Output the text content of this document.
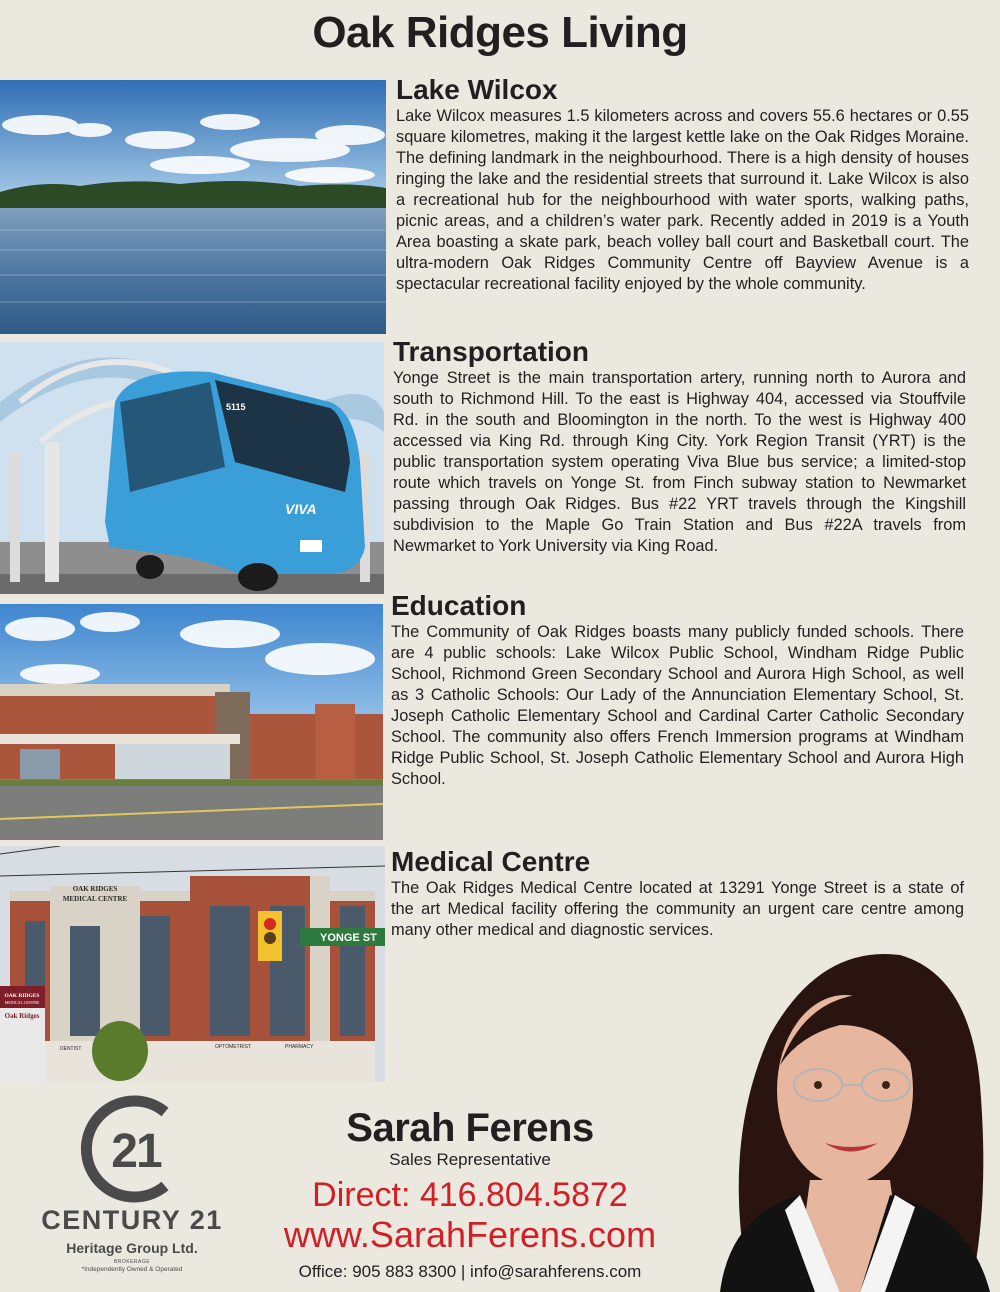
Oak Ridges Living
5115
VIVA
OAK RIDGES
MEDICAL CENTRE
DENTIST	OPTOMETRIST	PHARMACY
YONGE ST
OAK RIDGES
MEDICAL CENTRE
Oak Ridges
Lake Wilcox

Lake Wilcox measures 1.5 kilometers across and covers 55.6 hectares or 0.55 square kilometres, making it the largest kettle lake on the Oak Ridges Moraine. The defining landmark in the neighbourhood. There is a high density of houses ringing the lake and the residential streets that surround it. Lake Wilcox is also a recreational hub for the neighbourhood with water sports, walking paths, picnic areas, and a children’s water park. Recently added in 2019 is a Youth Area boasting a skate park, beach volley ball court and Basketball court. The ultra-modern Oak Ridges Community Centre off Bayview Avenue is a spectacular recreational facility enjoyed by the whole community.

Transportation

Yonge Street is the main transportation artery, running north to Aurora and south to Richmond Hill. To the east is Highway 404, accessed via Stouffvile Rd. in the south and Bloomington in the north. To the west is Highway 400 accessed via King Rd. through King City. York Region Transit (YRT) is the public transportation system operating Viva Blue bus service; a limited-stop route which travels on Yonge St. from Finch subway station to Newmarket passing through Oak Ridges. Bus #22 YRT travels through the Kingshill subdivision to the Maple Go Train Station and Bus #22A travels from Newmarket to York University via King Road.

Education

The Community of Oak Ridges boasts many publicly funded schools. There are 4 public schools: Lake Wilcox Public School, Windham Ridge Public School, Richmond Green Secondary School and Aurora High School, as well as 3 Catholic Schools: Our Lady of the Annunciation Elementary School, St. Joseph Catholic Elementary School and Cardinal Carter Catholic Secondary School. The community also offers French Immersion programs at Windham Ridge Public School, St. Joseph Catholic Elementary School and Aurora High School.

Medical Centre

The Oak Ridges Medical Centre located at 13291 Yonge Street is a state of the art Medical facility offering the community an urgent care centre among many other medical and diagnostic services.

21
CENTURY 21
Heritage Group Ltd.
BROKERAGE
*Independently Owned & Operated
Sarah Ferens
Sales Representative
Direct: 416.804.5872
www.SarahFerens.com
Office: 905 883 8300 | info@sarahferens.com
